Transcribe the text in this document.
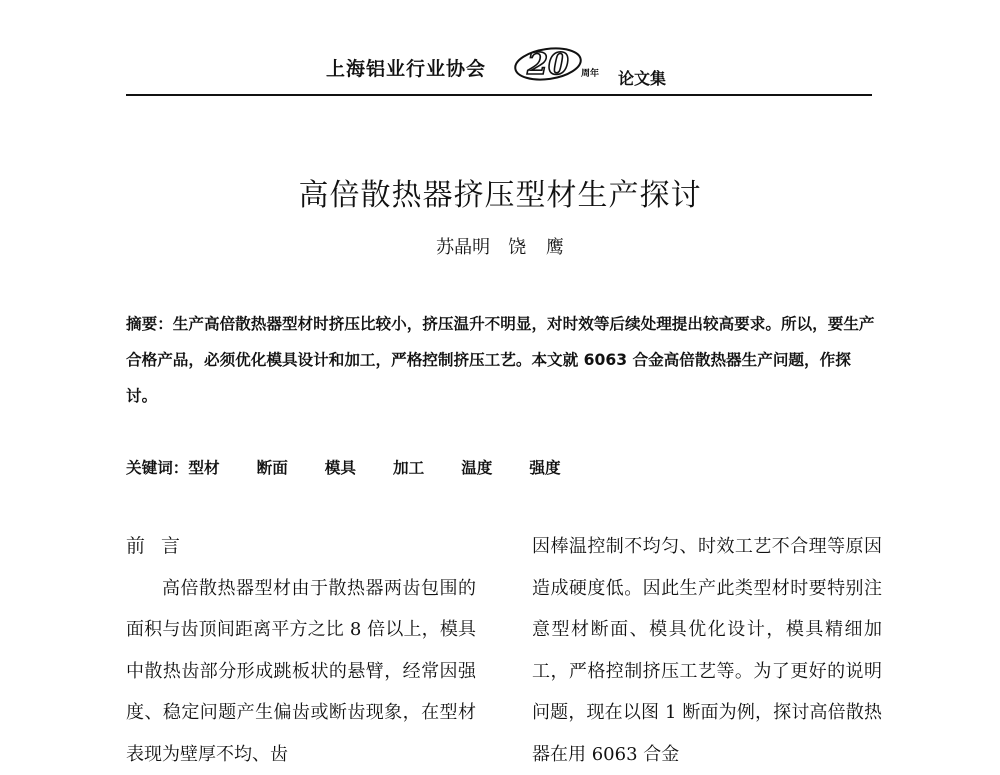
上海铝业行业协会 20 周年 论文集
高倍散热器挤压型材生产探讨
苏晶明　饶 鹰
摘要：生产高倍散热器型材时挤压比较小，挤压温升不明显，对时效等后续处理提出较高要求。所以，要生产合格产品，必须优化模具设计和加工，严格控制挤压工艺。本文就 6063 合金高倍散热器生产问题，作探讨。
关键词：型材 断面 模具 加工 温度 强度

前言

高倍散热器型材由于散热器两齿包围的面积与齿顶间距离平方之比 8 倍以上，模具中散热齿部分形成跳板状的悬臂，经常因强度、稳定问题产生偏齿或断齿现象，在型材表现为壁厚不均、齿

因棒温控制不均匀、时效工艺不合理等原因造成硬度低。因此生产此类型材时要特别注意型材断面、模具优化设计，模具精细加工，严格控制挤压工艺等。为了更好的说明问题，现在以图 1 断面为例，探讨高倍散热器在用 6063 合金
